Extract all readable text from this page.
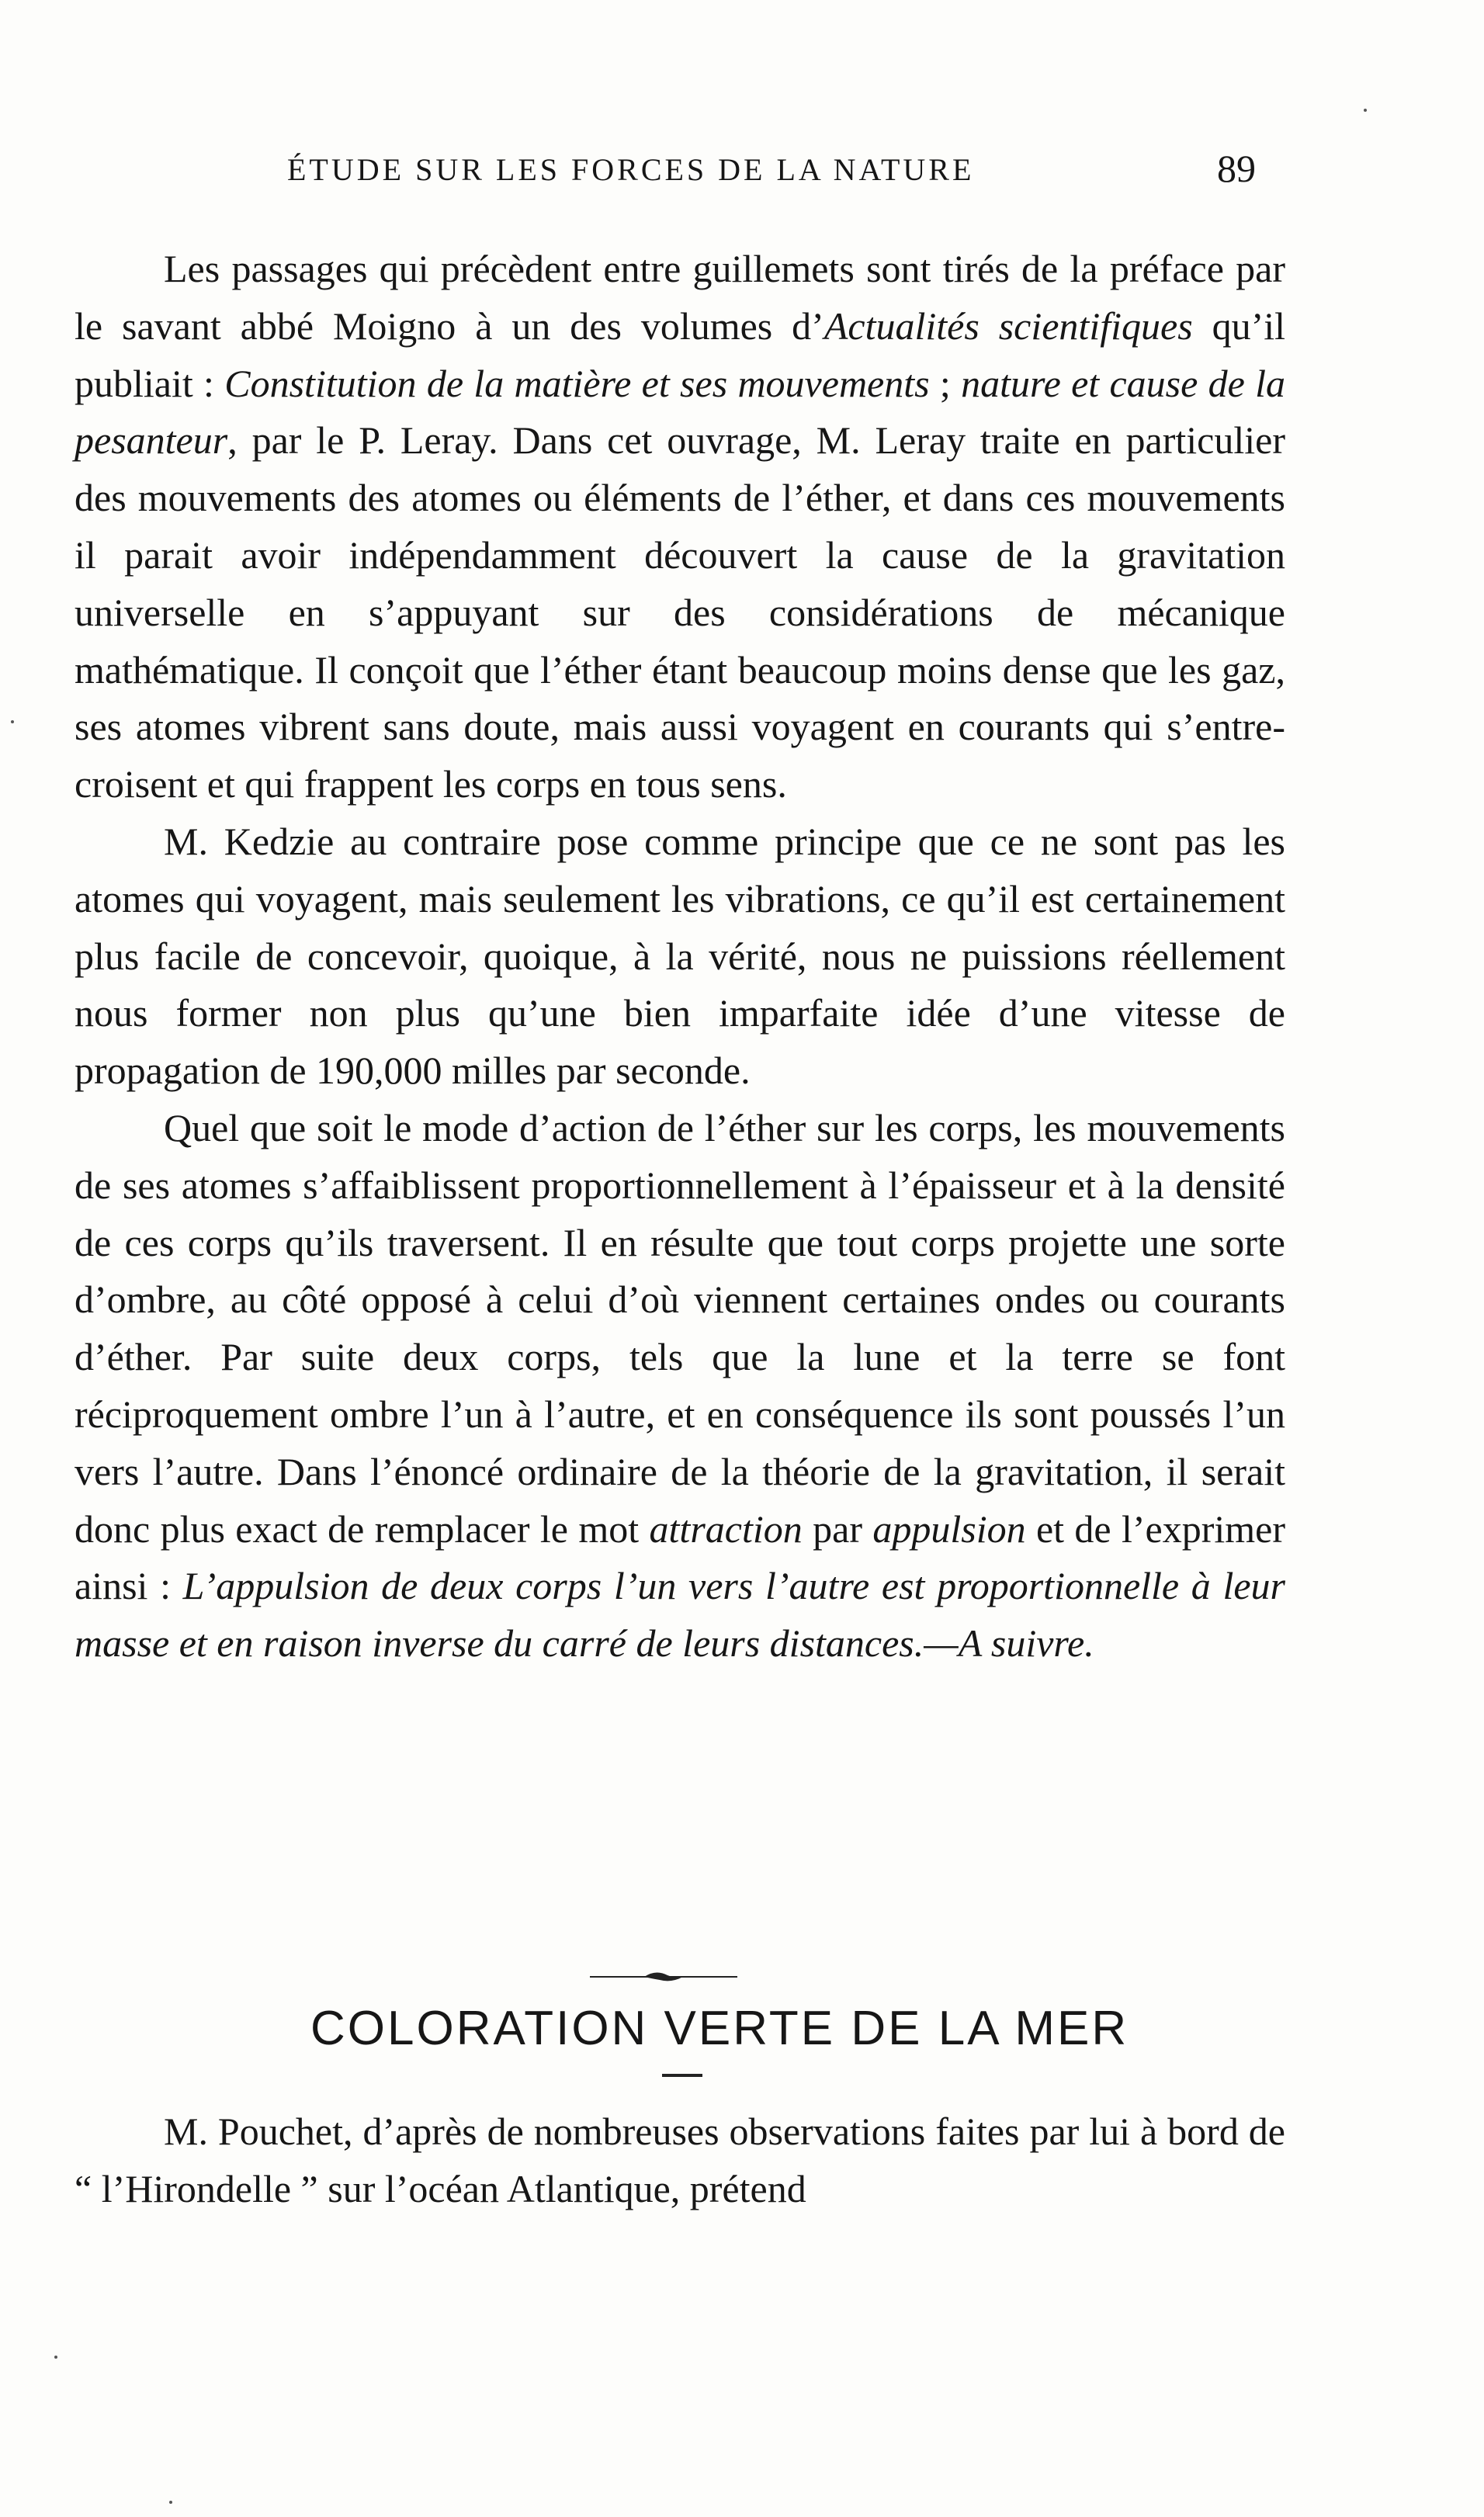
ÉTUDE SUR LES FORCES DE LA NATURE	89

Les passages qui précèdent entre guillemets sont tirés de la préface par le savant abbé Moigno à un des volumes d’Actualités scientifiques qu’il publiait : Constitution de la matière et ses mouvements ; nature et cause de la pesanteur, par le P. Leray. Dans cet ouvrage, M. Leray traite en particulier des mouvements des atomes ou éléments de l’éther, et dans ces mouvements il parait avoir indépendamment découvert la cause de la gravitation universelle en s’appuyant sur des considérations de mécanique mathématique. Il conçoit que l’éther étant beaucoup moins dense que les gaz, ses atomes vibrent sans doute, mais aussi voyagent en courants qui s’entre-croisent et qui frappent les corps en tous sens.

M. Kedzie au contraire pose comme principe que ce ne sont pas les atomes qui voyagent, mais seulement les vibrations, ce qu’il est certainement plus facile de concevoir, quoique, à la vérité, nous ne puissions réellement nous former non plus qu’une bien imparfaite idée d’une vitesse de propagation de 190,000 milles par seconde.

Quel que soit le mode d’action de l’éther sur les corps, les mouvements de ses atomes s’affaiblissent proportionnellement à l’épaisseur et à la densité de ces corps qu’ils traversent. Il en résulte que tout corps projette une sorte d’ombre, au côté opposé à celui d’où viennent certaines ondes ou courants d’éther. Par suite deux corps, tels que la lune et la terre se font réciproquement ombre l’un à l’autre, et en conséquence ils sont poussés l’un vers l’autre. Dans l’énoncé ordinaire de la théorie de la gravitation, il serait donc plus exact de remplacer le mot attraction par appulsion et de l’exprimer ainsi : L’appulsion de deux corps l’un vers l’autre est proportionnelle à leur masse et en raison inverse du carré de leurs distances.—A suivre.

COLORATION VERTE DE LA MER

M. Pouchet, d’après de nombreuses observations faites par lui à bord de “ l’Hirondelle ” sur l’océan Atlantique, prétend
